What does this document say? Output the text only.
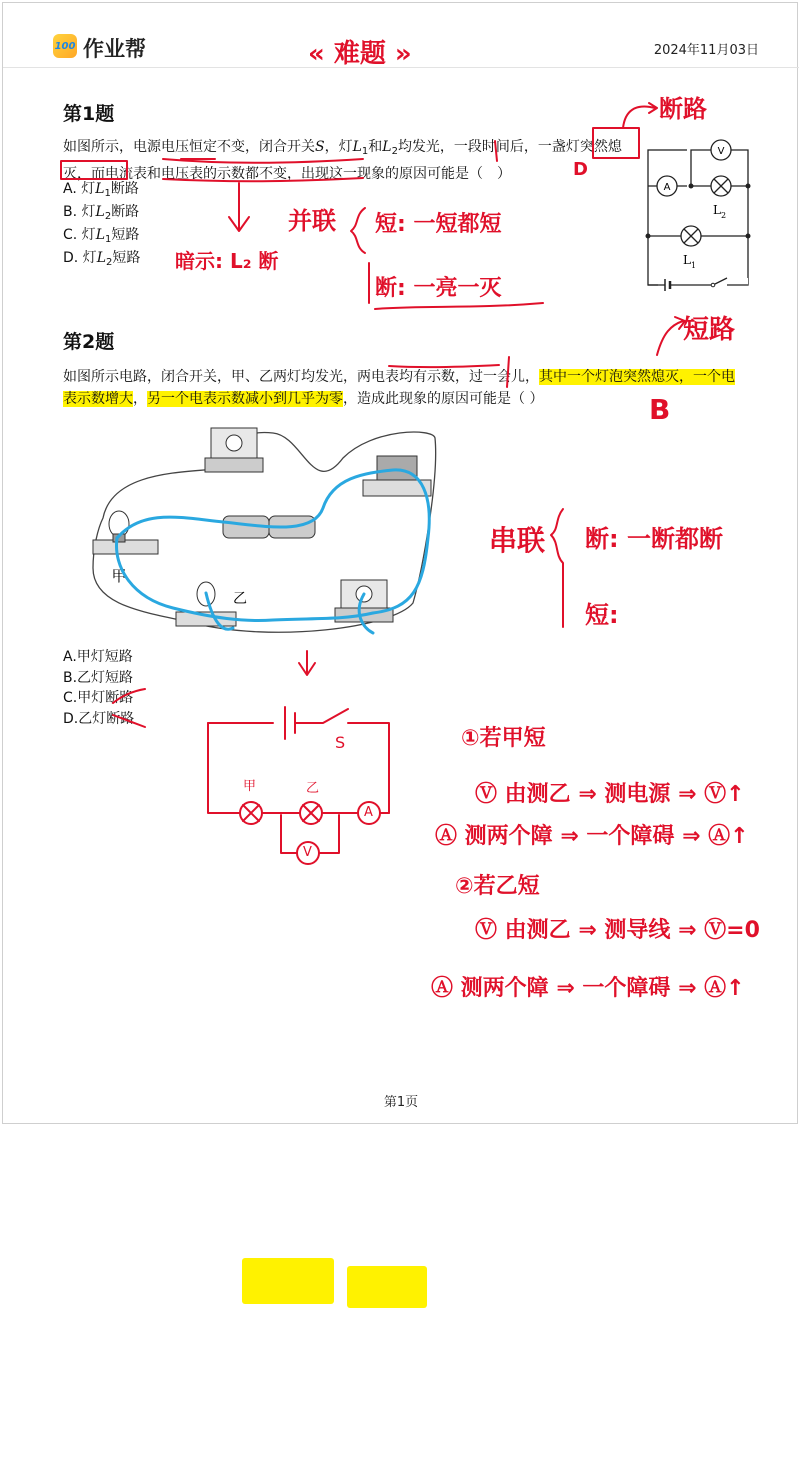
100 作业帮	2024年11月03日
« 难题 »
第1题
如图所示，电源电压恒定不变，闭合开关S，灯$L_1$和$L_2$均发光，一段时间后，一盏灯突然熄灭，而电流表和电压表的示数都不变，出现这一现象的原因可能是（ ）
A. 灯$L_1$断路
B. 灯$L_2$断路
C. 灯$L_1$短路
D. 灯$L_2$短路
V
A
L 2
L 1
断路
D
暗示: L₂ 断
并联 短: 一短都短
断: 一亮一灭
第2题
如图所示电路，闭合开关，甲、乙两灯均发光，两电表均有示数，过一会儿，其中一个灯泡突然熄灭，一个电表示数增大，另一个电表示数减小到几乎为零，造成此现象的原因可能是（ ）
甲
乙
A.甲灯短路
B.乙灯短路
C.甲灯断路
D.乙灯断路
短路
B
串联 断: 一断都断
短:
S
甲	乙
A
V
①若甲短
Ⓥ 由测乙 ⇒ 测电源 ⇒ Ⓥ↑
Ⓐ 测两个障 ⇒ 一个障碍 ⇒ Ⓐ↑
②若乙短
Ⓥ 由测乙 ⇒ 测导线 ⇒ Ⓥ=0
Ⓐ 测两个障 ⇒ 一个障碍 ⇒ Ⓐ↑
第1页
